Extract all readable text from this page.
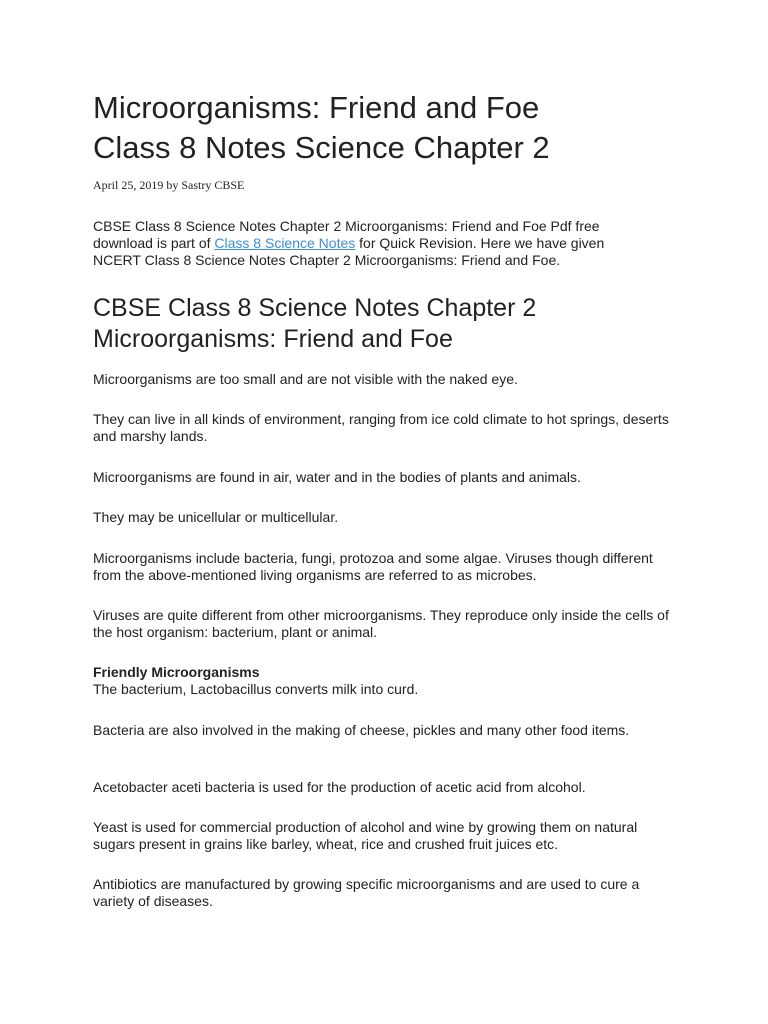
Microorganisms: Friend and Foe
Class 8 Notes Science Chapter 2
April 25, 2019 by Sastry CBSE

CBSE Class 8 Science Notes Chapter 2 Microorganisms: Friend and Foe Pdf free download is part of Class 8 Science Notes for Quick Revision. Here we have given NCERT Class 8 Science Notes Chapter 2 Microorganisms: Friend and Foe.

CBSE Class 8 Science Notes Chapter 2
Microorganisms: Friend and Foe

Microorganisms are too small and are not visible with the naked eye.

They can live in all kinds of environment, ranging from ice cold climate to hot springs, deserts and marshy lands.

Microorganisms are found in air, water and in the bodies of plants and animals.

They may be unicellular or multicellular.

Microorganisms include bacteria, fungi, protozoa and some algae. Viruses though different from the above-mentioned living organisms are referred to as microbes.

Viruses are quite different from other microorganisms. They reproduce only inside the cells of the host organism: bacterium, plant or animal.

Friendly Microorganisms
The bacterium, Lactobacillus converts milk into curd.

Bacteria are also involved in the making of cheese, pickles and many other food items.

Acetobacter aceti bacteria is used for the production of acetic acid from alcohol.

Yeast is used for commercial production of alcohol and wine by growing them on natural sugars present in grains like barley, wheat, rice and crushed fruit juices etc.

Antibiotics are manufactured by growing specific microorganisms and are used to cure a variety of diseases.
